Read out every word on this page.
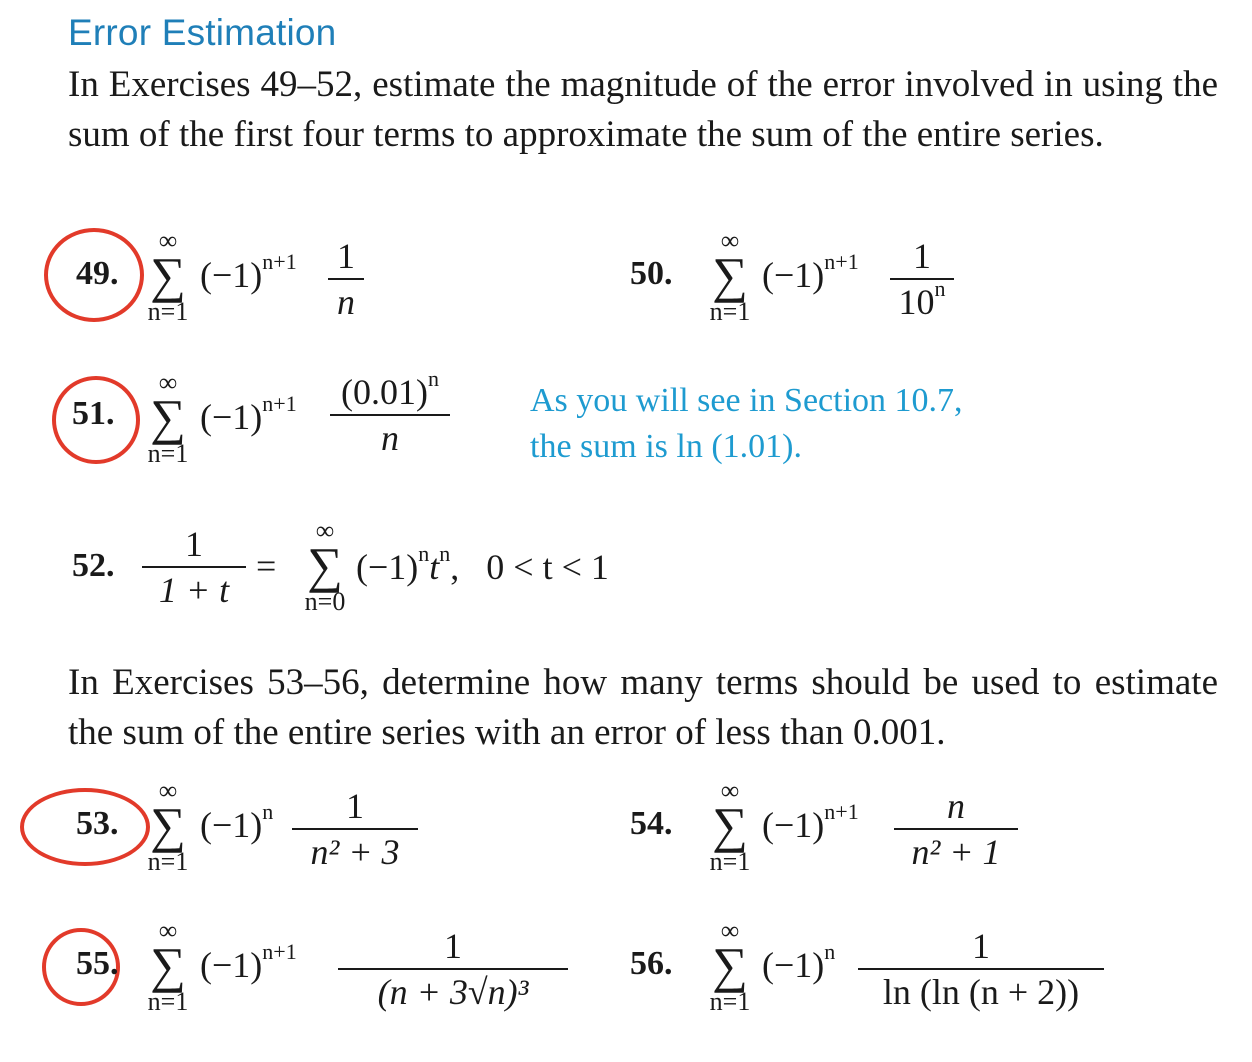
Error Estimation
In Exercises 49–52, estimate the magnitude of the error involved in using the sum of the first four terms to approximate the sum of the entire series.
49.
∞
∑
n=1
$(-1)^{n+1}$ 1
n
50.
∞
∑
n=1
$(-1)^{n+1}$	1
10$^n$
51.
∞
∑
n=1
$(-1)^{n+1}$	$(0.01)^n$
n
As you will see in Section 10.7,
the sum is ln (1.01).
52.
1
1 + t
=
∞
∑
n=0
$(-1)^nt^n$,   0 < t < 1
In Exercises 53–56, determine how many terms should be used to estimate the sum of the entire series with an error of less than 0.001.
53.
∞
∑
n=1
$(-1)^n$	1
n² + 3
54.
∞
∑
n=1
$(-1)^{n+1}$	n
n² + 1
55.
∞
∑
n=1
$(-1)^{n+1}$	1
(n + 3√n)³
56.
∞
∑
n=1
$(-1)^n$	1
ln (ln (n + 2))
